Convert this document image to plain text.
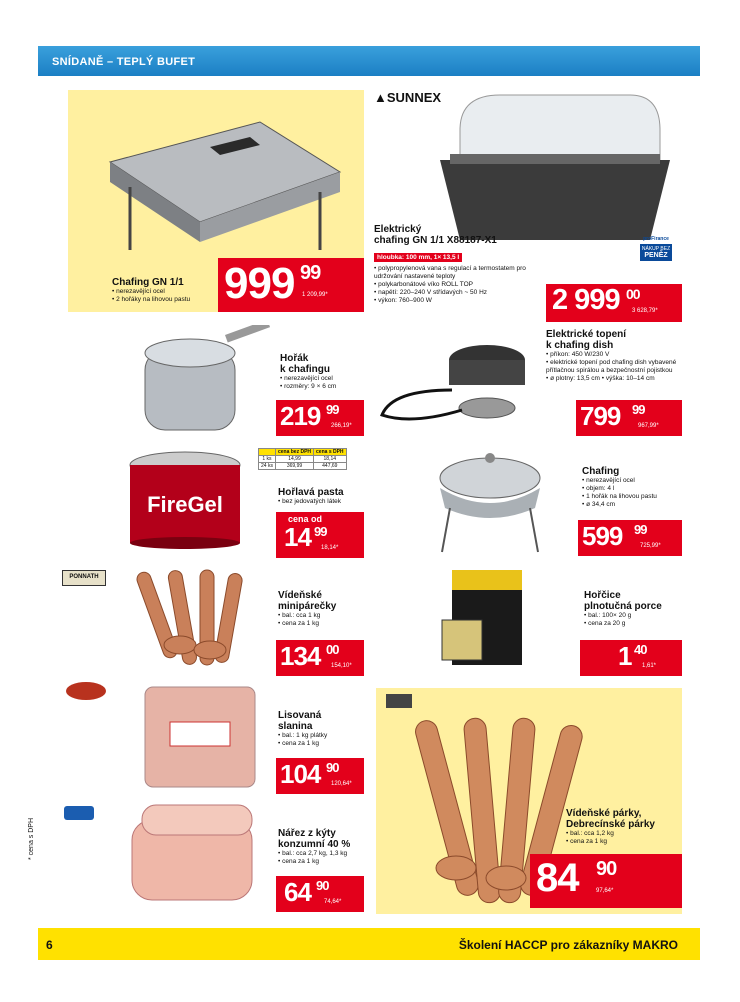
SNÍDANĚ – TEPLÝ BUFET
Chafing GN 1/1
• nerezavějící ocel
• 2 hořáky na lihovou pastu 999 99
1 209,99*
▲SUNNEX
Elektrický
chafing GN 1/1 X88187-X1
hloubka: 100 mm, 1× 13,5 l
• polypropylenová vana s regulací a termostatem pro udržování nastavené teploty
• polykarbonátové víko ROLL TOP
• napětí: 220–240 V střídavých ~ 50 Hz
• výkon: 760–900 W
proFirance
NÁKUP BEZ
PENĚZ
2 999 00
3 628,79*
Hořák
k chafingu
• nerezavějící ocel
• rozměry: 9 × 6 cm
219 99
266,19*
Elektrické topení
k chafing dish
• příkon: 450 W/230 V
• elektrické topení pod chafing dish vybavené přítlačnou spirálou a bezpečnostní pojistkou
• ø plotny: 13,5 cm • výška: 10–14 cm
799 99
967,99*
FireGel
	cena bez DPH	cena s DPH
1 ks	14,99	18,14
24 ks	369,99	447,69
Hořlavá pasta
• bez jedovatých látek
cena od
14 99
18,14*
Chafing
• nerezavějící ocel
• objem: 4 l
• 1 hořák na lihovou pastu
• ø 34,4 cm
599 99
725,99*
PONNATH
Vídeňské
minipárečky
• bal.: cca 1 kg
• cena za 1 kg
134 00
154,10*
Hořčice
plnotučná porce
• bal.: 100× 20 g
• cena za 20 g
1 40
1,61*
Lisovaná
slanina
• bal.: 1 kg plátky
• cena za 1 kg
104 90
120,64*
Nářez z kýty
konzumní 40 %
• bal.: cca 2,7 kg, 1,3 kg
• cena za 1 kg
64 90
74,64*
Vídeňské párky,
Debrecínské párky
• bal.: cca 1,2 kg
• cena za 1 kg
84 90
97,64*
* cena s DPH
6	Školení HACCP pro zákazníky MAKRO
